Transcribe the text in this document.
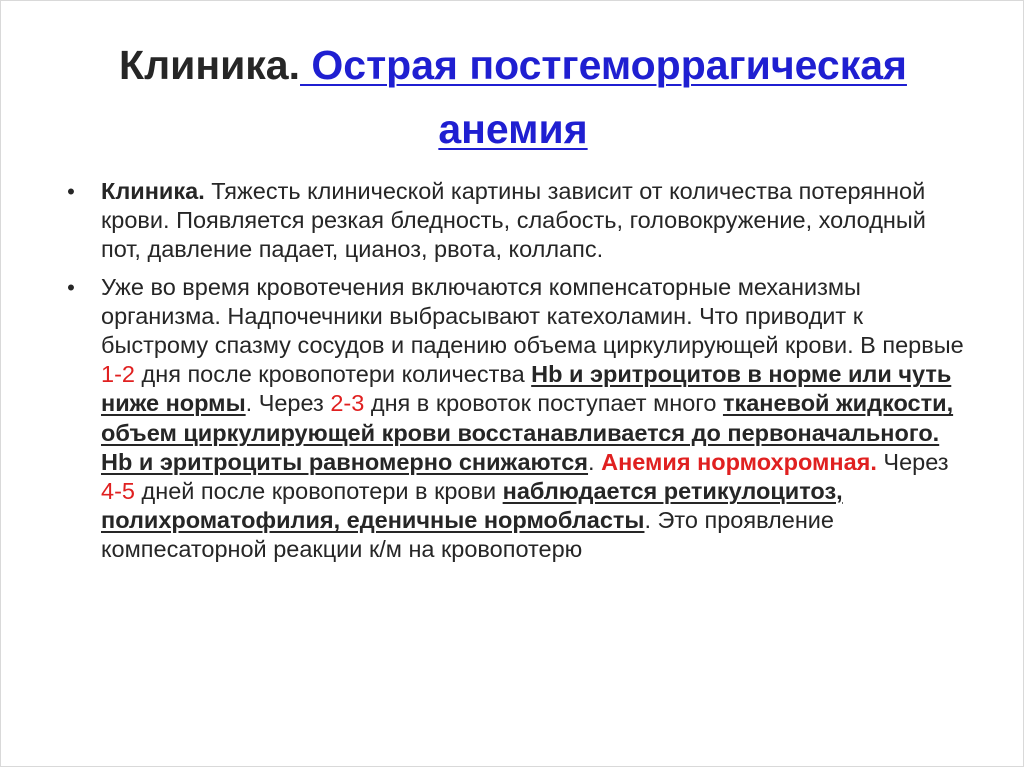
Клиника. Острая постгеморрагическая анемия
• Клиника. Тяжесть клинической картины зависит от количества потерянной крови. Появляется резкая бледность, слабость, головокружение, холодный пот, давление падает, цианоз, рвота, коллапс.
• Уже во время кровотечения включаются компенсаторные механизмы организма. Надпочечники выбрасывают катехоламин. Что приводит к быстрому спазму сосудов и падению объема циркулирующей крови. В первые 1-2 дня после кровопотери количества Hb и эритроцитов в норме или чуть ниже нормы. Через 2-3 дня в кровоток поступает много тканевой жидкости, объем циркулирующей крови восстанавливается до первоначального. Hb и эритроциты равномерно снижаются. Анемия нормохромная. Через 4-5 дней после кровопотери в крови наблюдается ретикулоцитоз, полихроматофилия, еденичные нормобласты. Это проявление компесаторной реакции к/м на кровопотерю
